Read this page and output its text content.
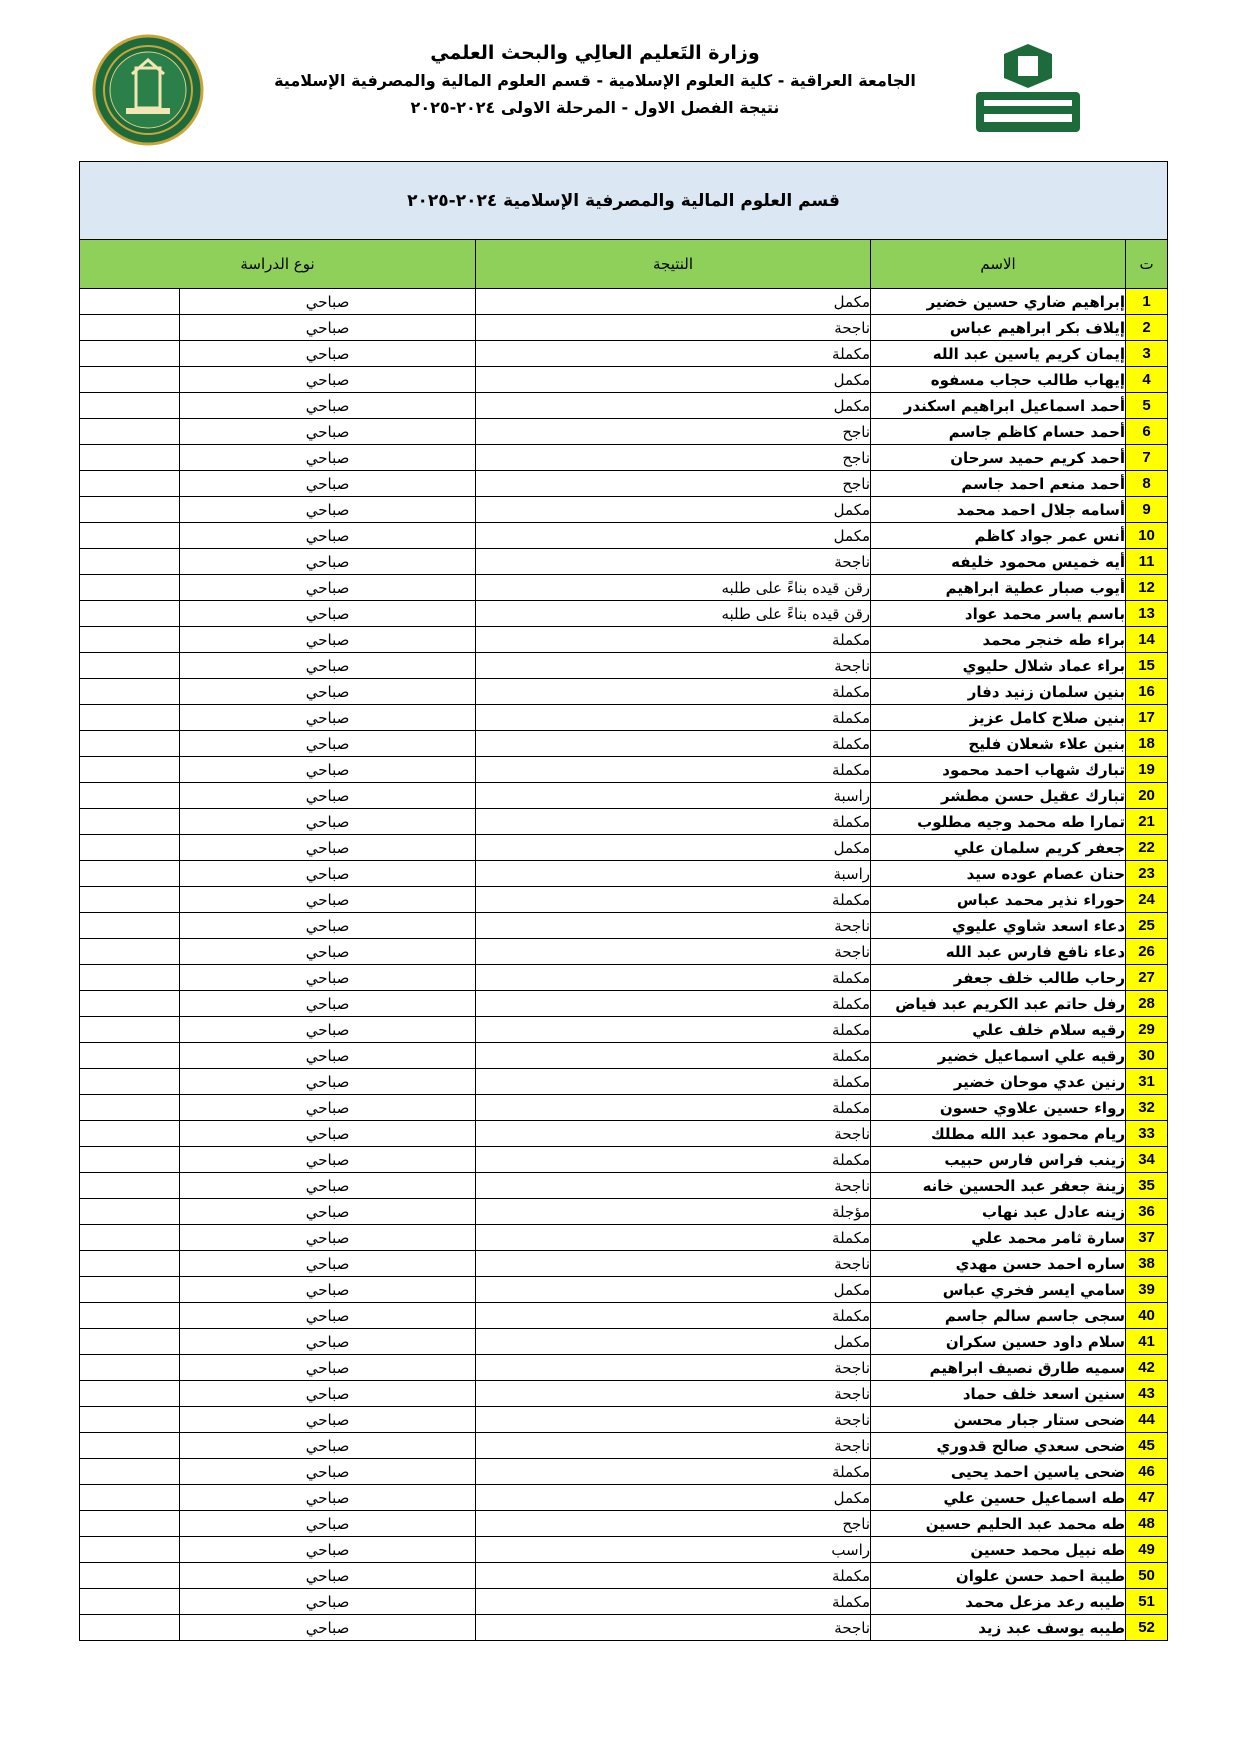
وزارة التَعليم العالِي والبحث العلمي
الجامعة العراقية - كلية العلوم الإسلامية - قسم العلوم المالية والمصرفية الإسلامية
نتيجة الفصل الاول - المرحلة الاولى ٢٠٢٤-٢٠٢٥
قسم العلوم المالية والمصرفية الإسلامية ٢٠٢٤-٢٠٢٥				
ت	الاسم	النتيجة	نوع الدراسة	
1	إبراهيم ضاري حسين خضير	مكمل	صباحي	
2	إيلاف بكر ابراهيم عباس	ناجحة	صباحي	
3	إيمان كريم ياسين عبد الله	مكملة	صباحي	
4	إيهاب طالب حجاب مسفوه	مكمل	صباحي	
5	أحمد اسماعيل ابراهيم اسكندر	مكمل	صباحي	
6	أحمد حسام كاظم جاسم	ناجح	صباحي	
7	أحمد كريم حميد سرحان	ناجح	صباحي	
8	أحمد منعم احمد جاسم	ناجح	صباحي	
9	أسامه جلال احمد محمد	مكمل	صباحي	
10	أنس عمر جواد كاظم	مكمل	صباحي	
11	أيه خميس محمود خليفه	ناجحة	صباحي	
12	أيوب صبار عطية ابراهيم	رقن قيده بناءً على طلبه	صباحي	
13	باسم ياسر محمد عواد	رقن قيده بناءً على طلبه	صباحي	
14	براء طه خنجر محمد	مكملة	صباحي	
15	براء عماد شلال حليوي	ناجحة	صباحي	
16	بنين سلمان زنيد دفار	مكملة	صباحي	
17	بنين صلاح كامل عزيز	مكملة	صباحي	
18	بنين علاء شعلان فليح	مكملة	صباحي	
19	تبارك شهاب احمد محمود	مكملة	صباحي	
20	تبارك عقيل حسن مطشر	راسبة	صباحي	
21	تمارا طه محمد وجيه مطلوب	مكملة	صباحي	
22	جعفر كريم سلمان علي	مكمل	صباحي	
23	حنان عصام عوده سيد	راسبة	صباحي	
24	حوراء نذير محمد عباس	مكملة	صباحي	
25	دعاء اسعد شاوي عليوي	ناجحة	صباحي	
26	دعاء نافع فارس عبد الله	ناجحة	صباحي	
27	رحاب طالب خلف جعفر	مكملة	صباحي	
28	رفل حاتم عبد الكريم عبد فياض	مكملة	صباحي	
29	رقيه سلام خلف علي	مكملة	صباحي	
30	رقيه علي اسماعيل خضير	مكملة	صباحي	
31	رنين عدي موحان خضير	مكملة	صباحي	
32	رواء حسين علاوي حسون	مكملة	صباحي	
33	ريام محمود عبد الله مطلك	ناجحة	صباحي	
34	زينب فراس فارس حبيب	مكملة	صباحي	
35	زينة جعفر عبد الحسين خانه	ناجحة	صباحي	
36	زينه عادل عبد نهاب	مؤجلة	صباحي	
37	سارة ثامر محمد علي	مكملة	صباحي	
38	ساره احمد حسن مهدي	ناجحة	صباحي	
39	سامي ايسر فخري عباس	مكمل	صباحي	
40	سجى جاسم سالم جاسم	مكملة	صباحي	
41	سلام داود حسين سكران	مكمل	صباحي	
42	سميه طارق نصيف ابراهيم	ناجحة	صباحي	
43	سنين اسعد خلف حماد	ناجحة	صباحي	
44	ضحى ستار جبار محسن	ناجحة	صباحي	
45	ضحى سعدي صالح قدوري	ناجحة	صباحي	
46	ضحى ياسين احمد يحيى	مكملة	صباحي	
47	طه اسماعيل حسين علي	مكمل	صباحي	
48	طه محمد عبد الحليم حسين	ناجح	صباحي	
49	طه نبيل محمد حسين	راسب	صباحي	
50	طيبة احمد حسن علوان	مكملة	صباحي	
51	طيبه رعد مزعل محمد	مكملة	صباحي	
52	طيبه يوسف عبد زيد	ناجحة	صباحي	
